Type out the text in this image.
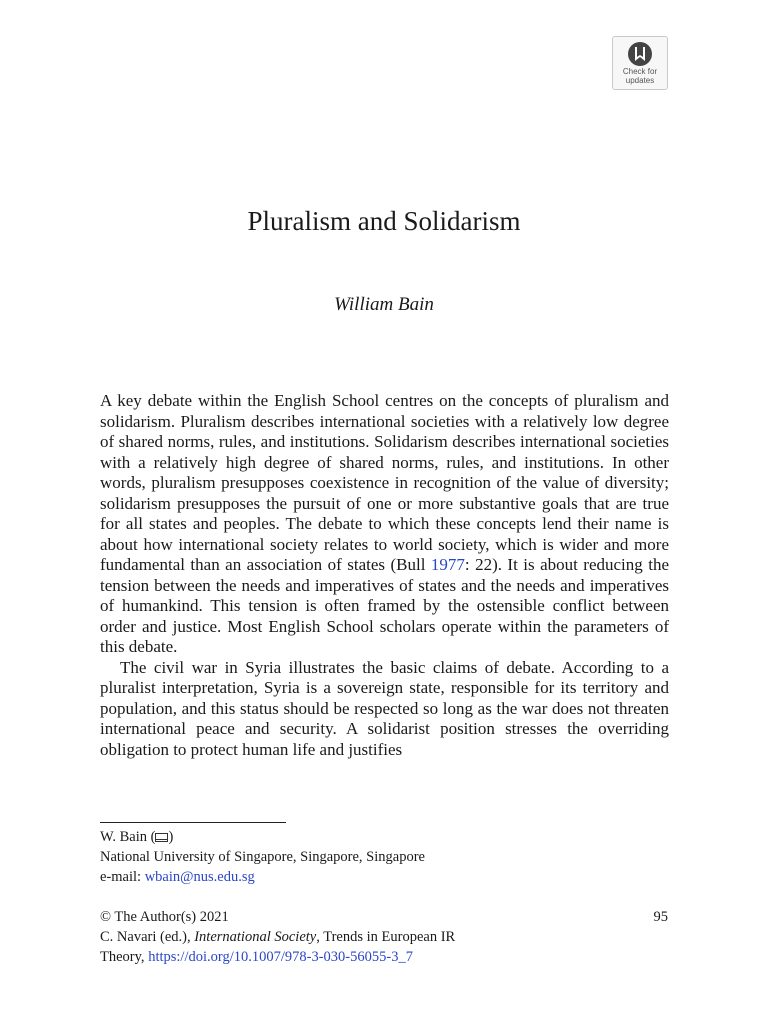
Check for
updates
Pluralism and Solidarism
William Bain

A key debate within the English School centres on the concepts of pluralism and solidarism. Pluralism describes international societies with a relatively low degree of shared norms, rules, and institutions. Solidarism describes international societies with a relatively high degree of shared norms, rules, and institutions. In other words, pluralism presupposes coexistence in recognition of the value of diversity; solidarism presupposes the pursuit of one or more substantive goals that are true for all states and peoples. The debate to which these concepts lend their name is about how international society relates to world society, which is wider and more fundamental than an association of states (Bull 1977: 22). It is about reducing the tension between the needs and imperatives of states and the needs and imperatives of humankind. This tension is often framed by the ostensible conflict between order and justice. Most English School scholars operate within the parameters of this debate.

The civil war in Syria illustrates the basic claims of debate. According to a pluralist interpretation, Syria is a sovereign state, responsible for its territory and population, and this status should be respected so long as the war does not threaten international peace and security. A solidarist position stresses the overriding obligation to protect human life and justifies

W. Bain ( )
National University of Singapore, Singapore, Singapore
e-mail: wbain@nus.edu.sg
© The Author(s) 2021
C. Navari (ed.), International Society, Trends in European IR
Theory, https://doi.org/10.1007/978-3-030-56055-3_7
95
